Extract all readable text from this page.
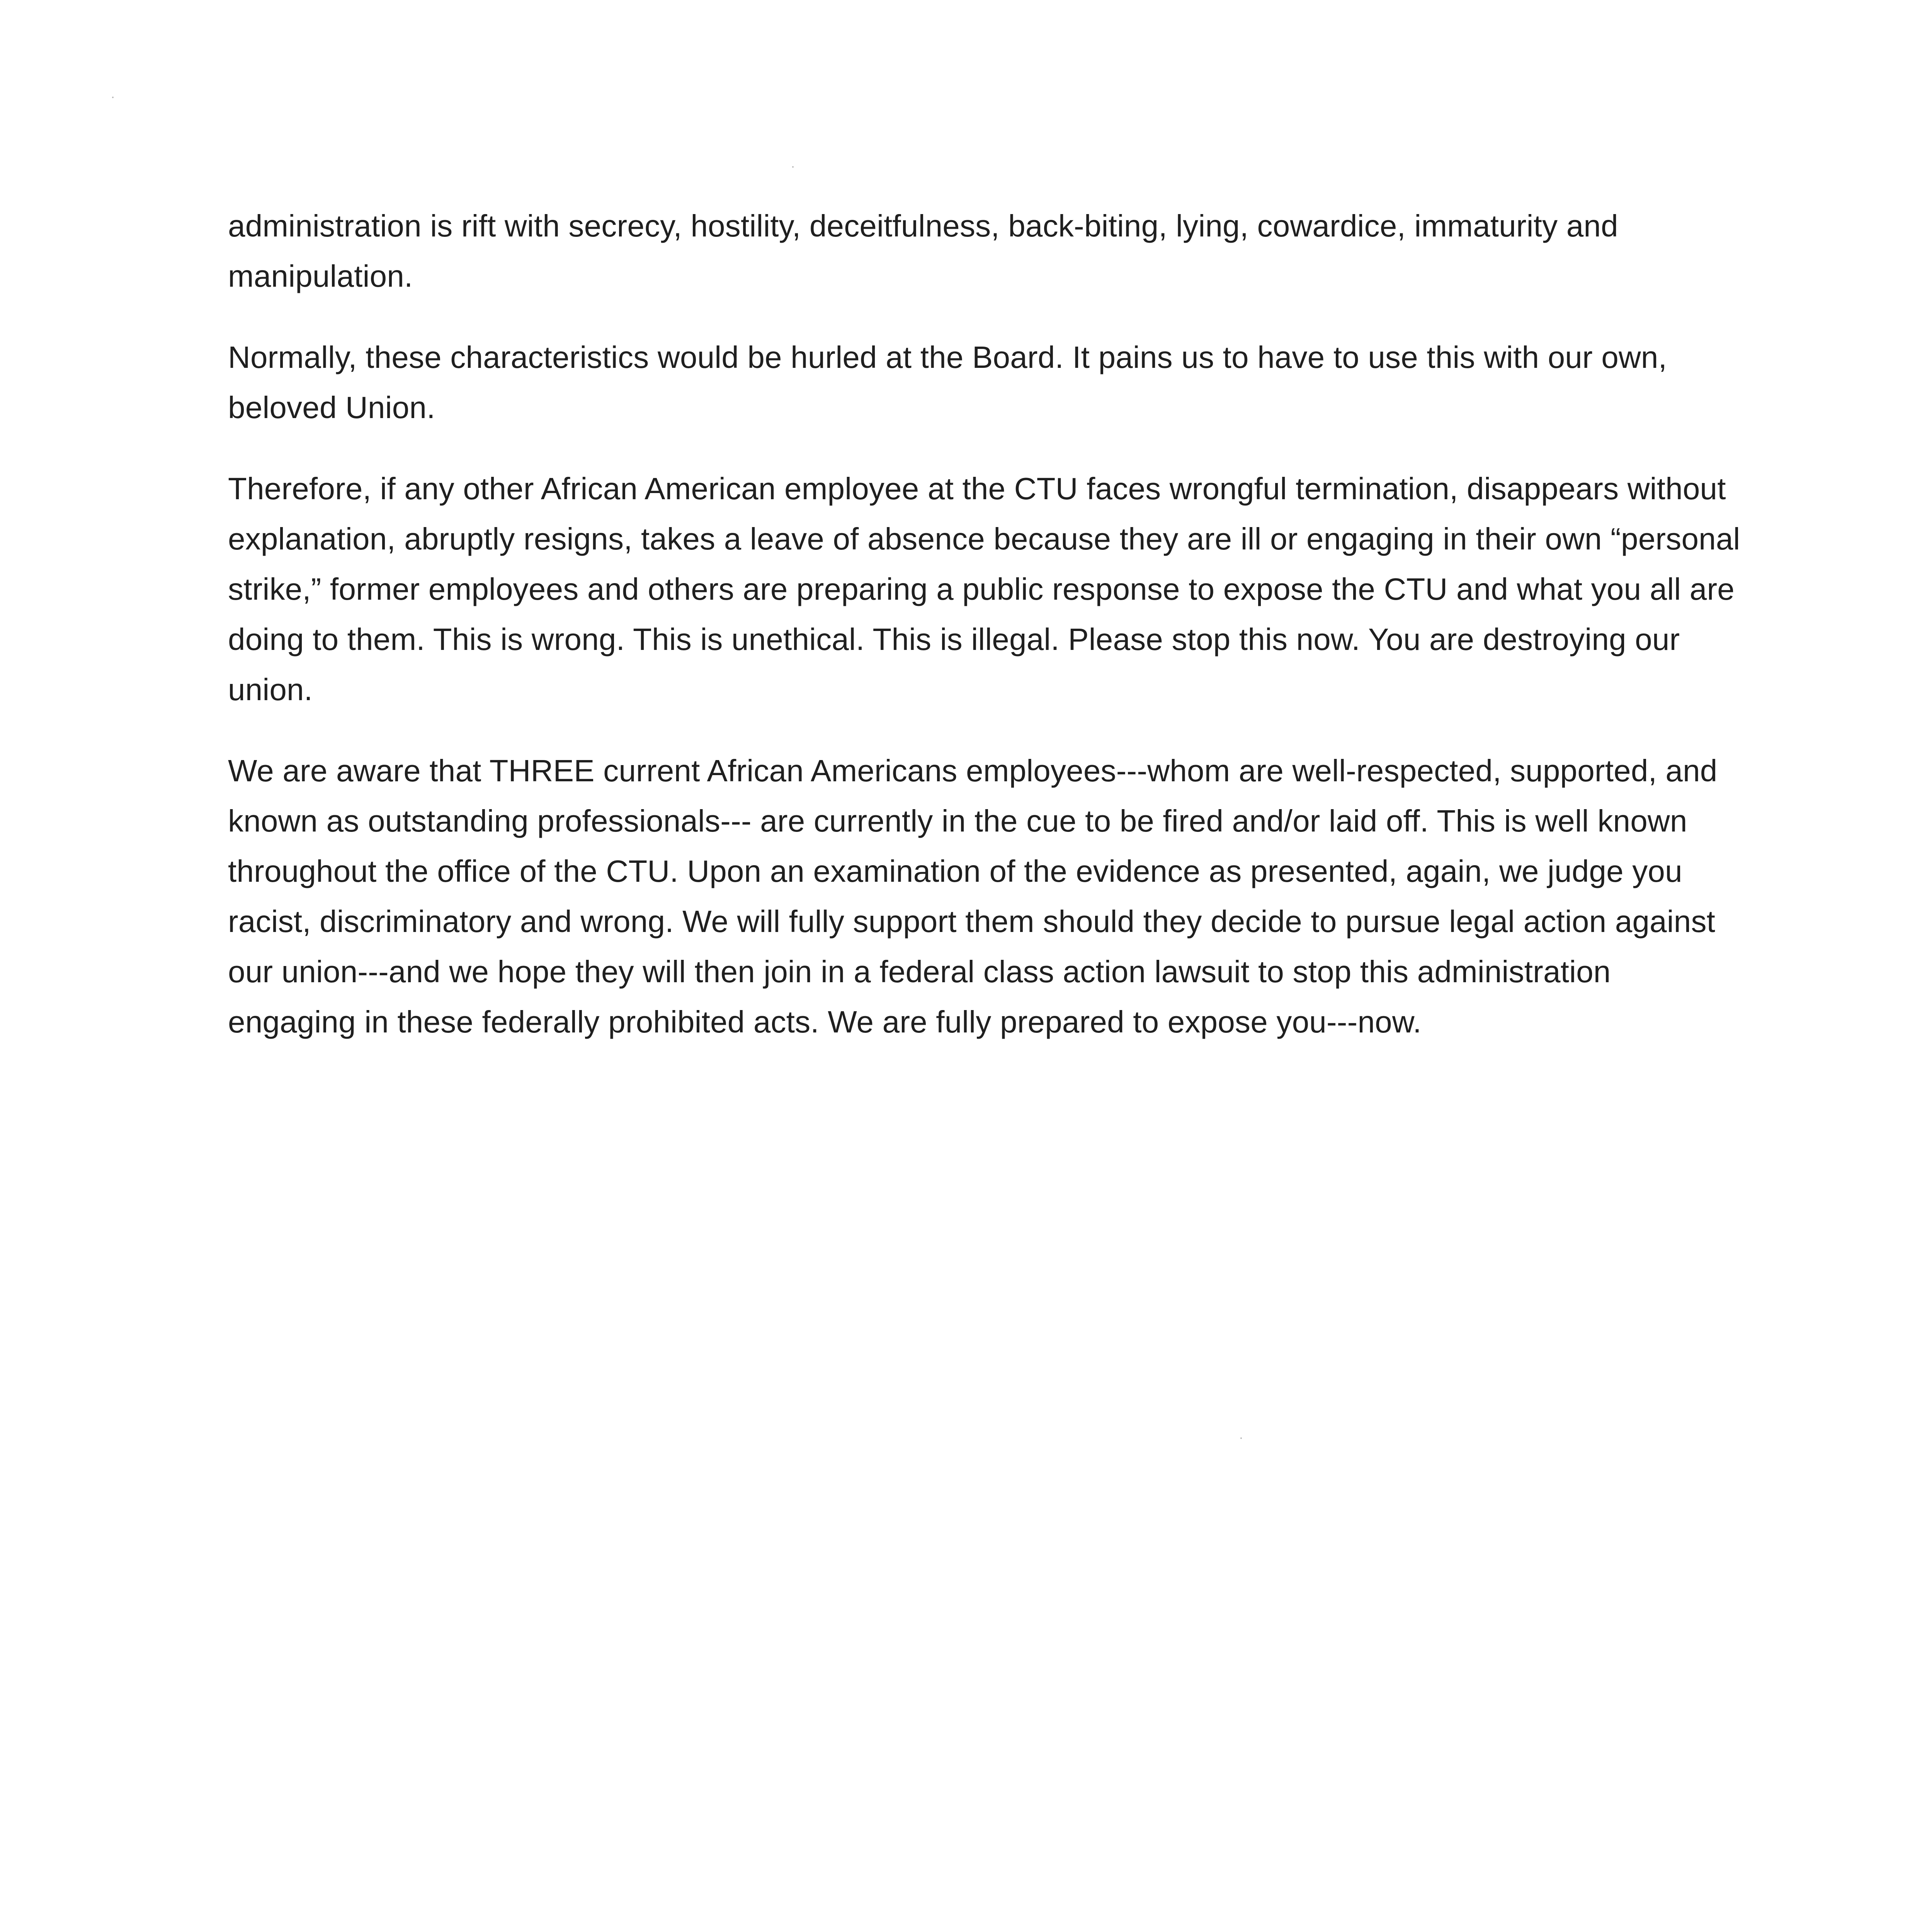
administration is rift with secrecy, hostility, deceitfulness, back-biting, lying, cowardice, immaturity and manipulation.

Normally, these characteristics would be hurled at the Board. It pains us to have to use this with our own, beloved Union.

Therefore, if any other African American employee at the CTU faces wrongful termination, disappears without explanation, abruptly resigns, takes a leave of absence because they are ill or engaging in their own “personal strike,” former employees and others are preparing a public response to expose the CTU and what you all are doing to them. This is wrong. This is unethical. This is illegal. Please stop this now. You are destroying our union.

We are aware that THREE current African Americans employees---whom are well-respected, supported, and known as outstanding professionals--- are currently in the cue to be fired and/or laid off. This is well known throughout the office of the CTU. Upon an examination of the evidence as presented, again, we judge you racist, discriminatory and wrong. We will fully support them should they decide to pursue legal action against our union---and we hope they will then join in a federal class action lawsuit to stop this administration engaging in these federally prohibited acts. We are fully prepared to expose you---now.
